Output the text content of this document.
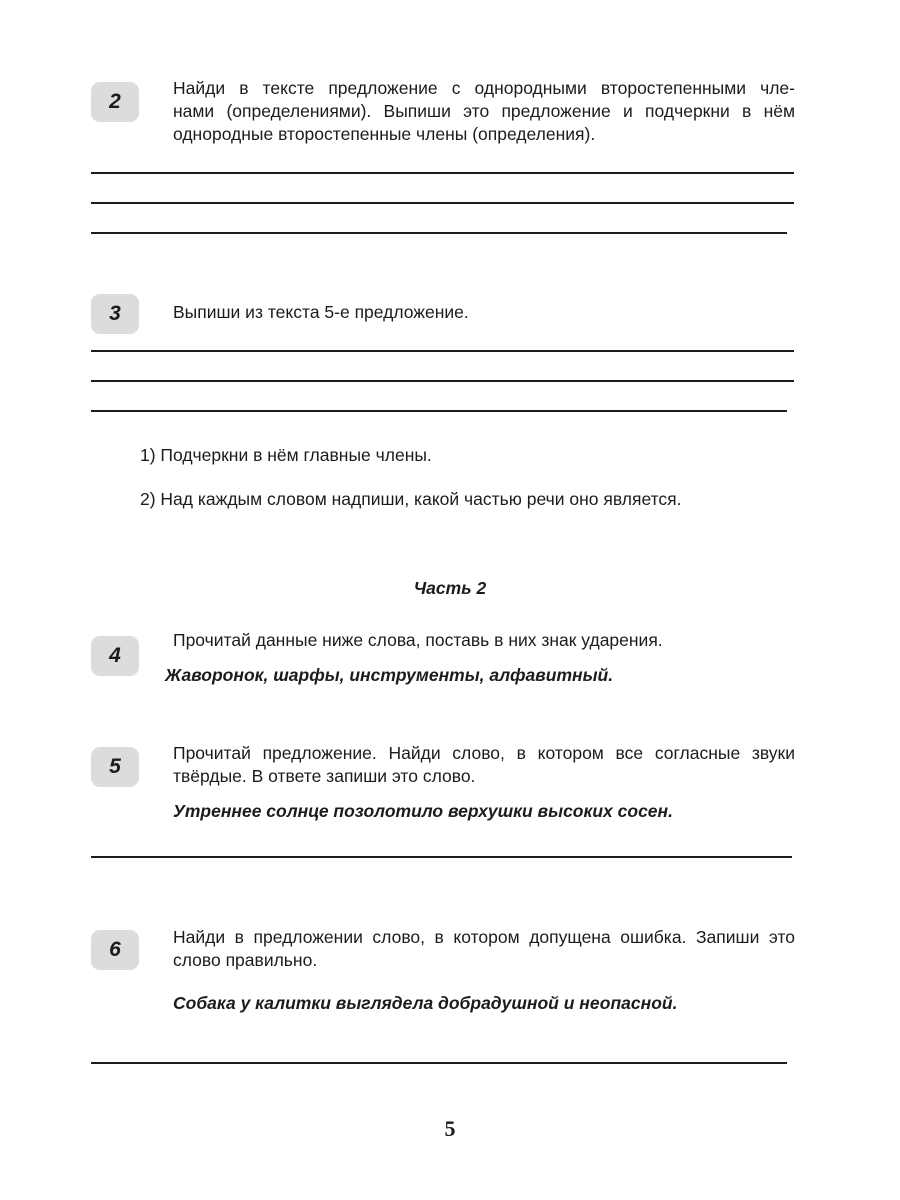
2
Найди в тексте предложение с однородными второстепенными чле-
нами (определениями). Выпиши это предложение и подчеркни в нём
однородные второстепенные члены (определения).
3	Выпиши из текста 5-е предложение.
1) Подчеркни в нём главные члены.
2) Над каждым словом надпиши, какой частью речи оно является.
Часть 2
4
Прочитай данные ниже слова, поставь в них знак ударения.
Жаворонок, шарфы, инструменты, алфавитный.
5
Прочитай предложение. Найди слово, в котором все согласные звуки
твёрдые. В ответе запиши это слово.
Утреннее солнце позолотило верхушки высоких сосен.
6
Найди в предложении слово, в котором допущена ошибка. Запиши это
слово правильно.
Собака у калитки выглядела добрадушной и неопасной.
5
